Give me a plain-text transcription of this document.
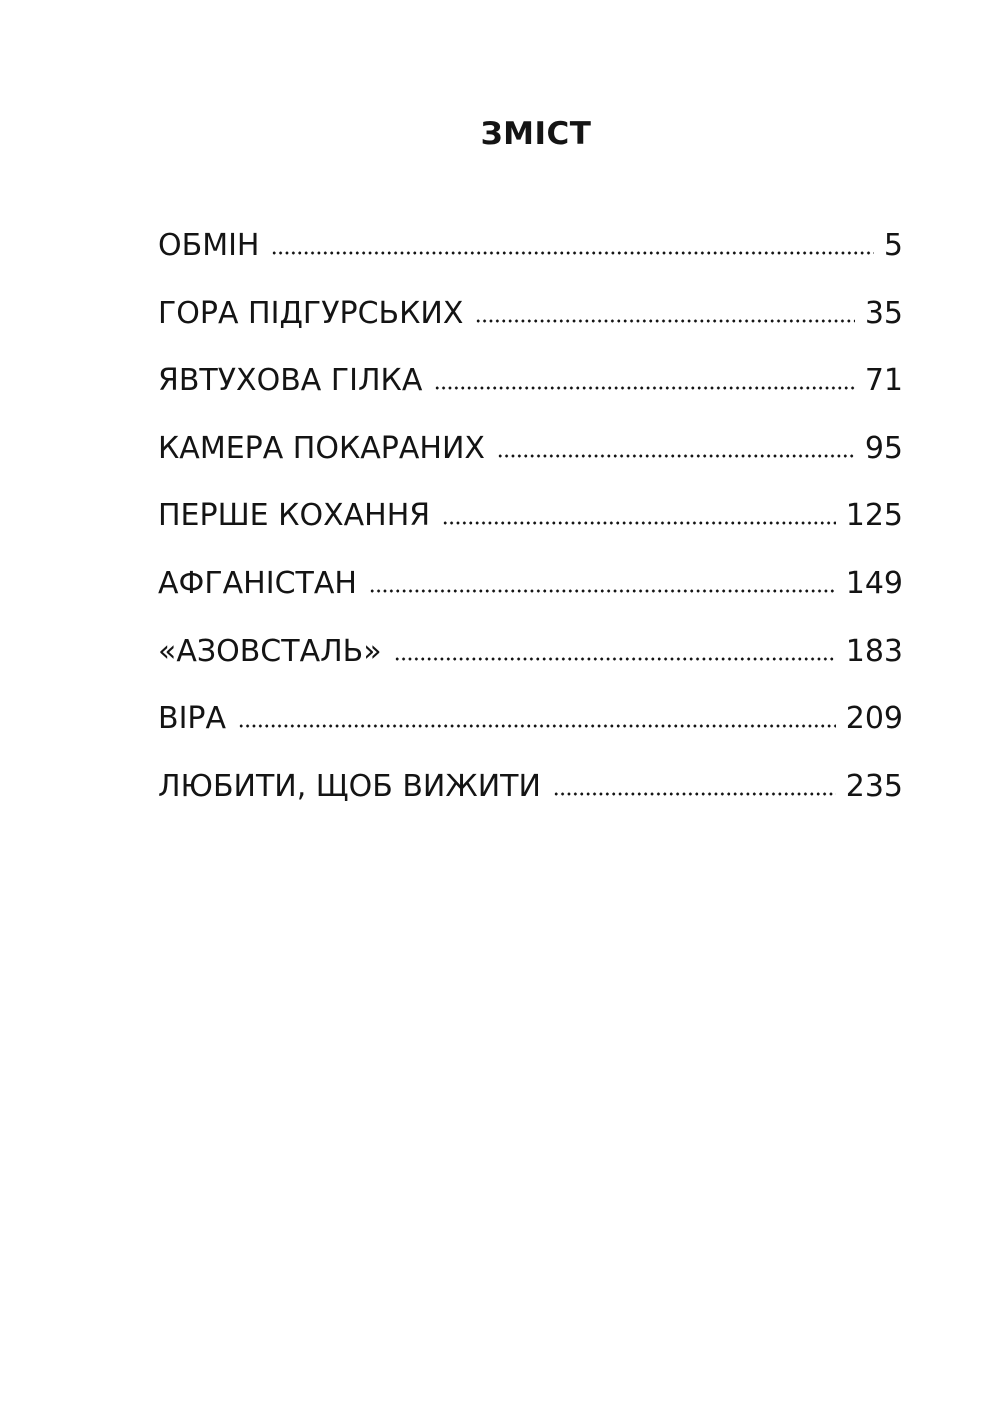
ЗМІСТ
ОБМІН	5
ГОРА ПІДГУРСЬКИХ	35
ЯВТУХОВА ГІЛКА	71
КАМЕРА ПОКАРАНИХ	95
ПЕРШЕ КОХАННЯ	125
АФГАНІСТАН	149
«АЗОВСТАЛЬ»	183
ВІРА	209
ЛЮБИТИ, ЩОБ ВИЖИТИ	235
